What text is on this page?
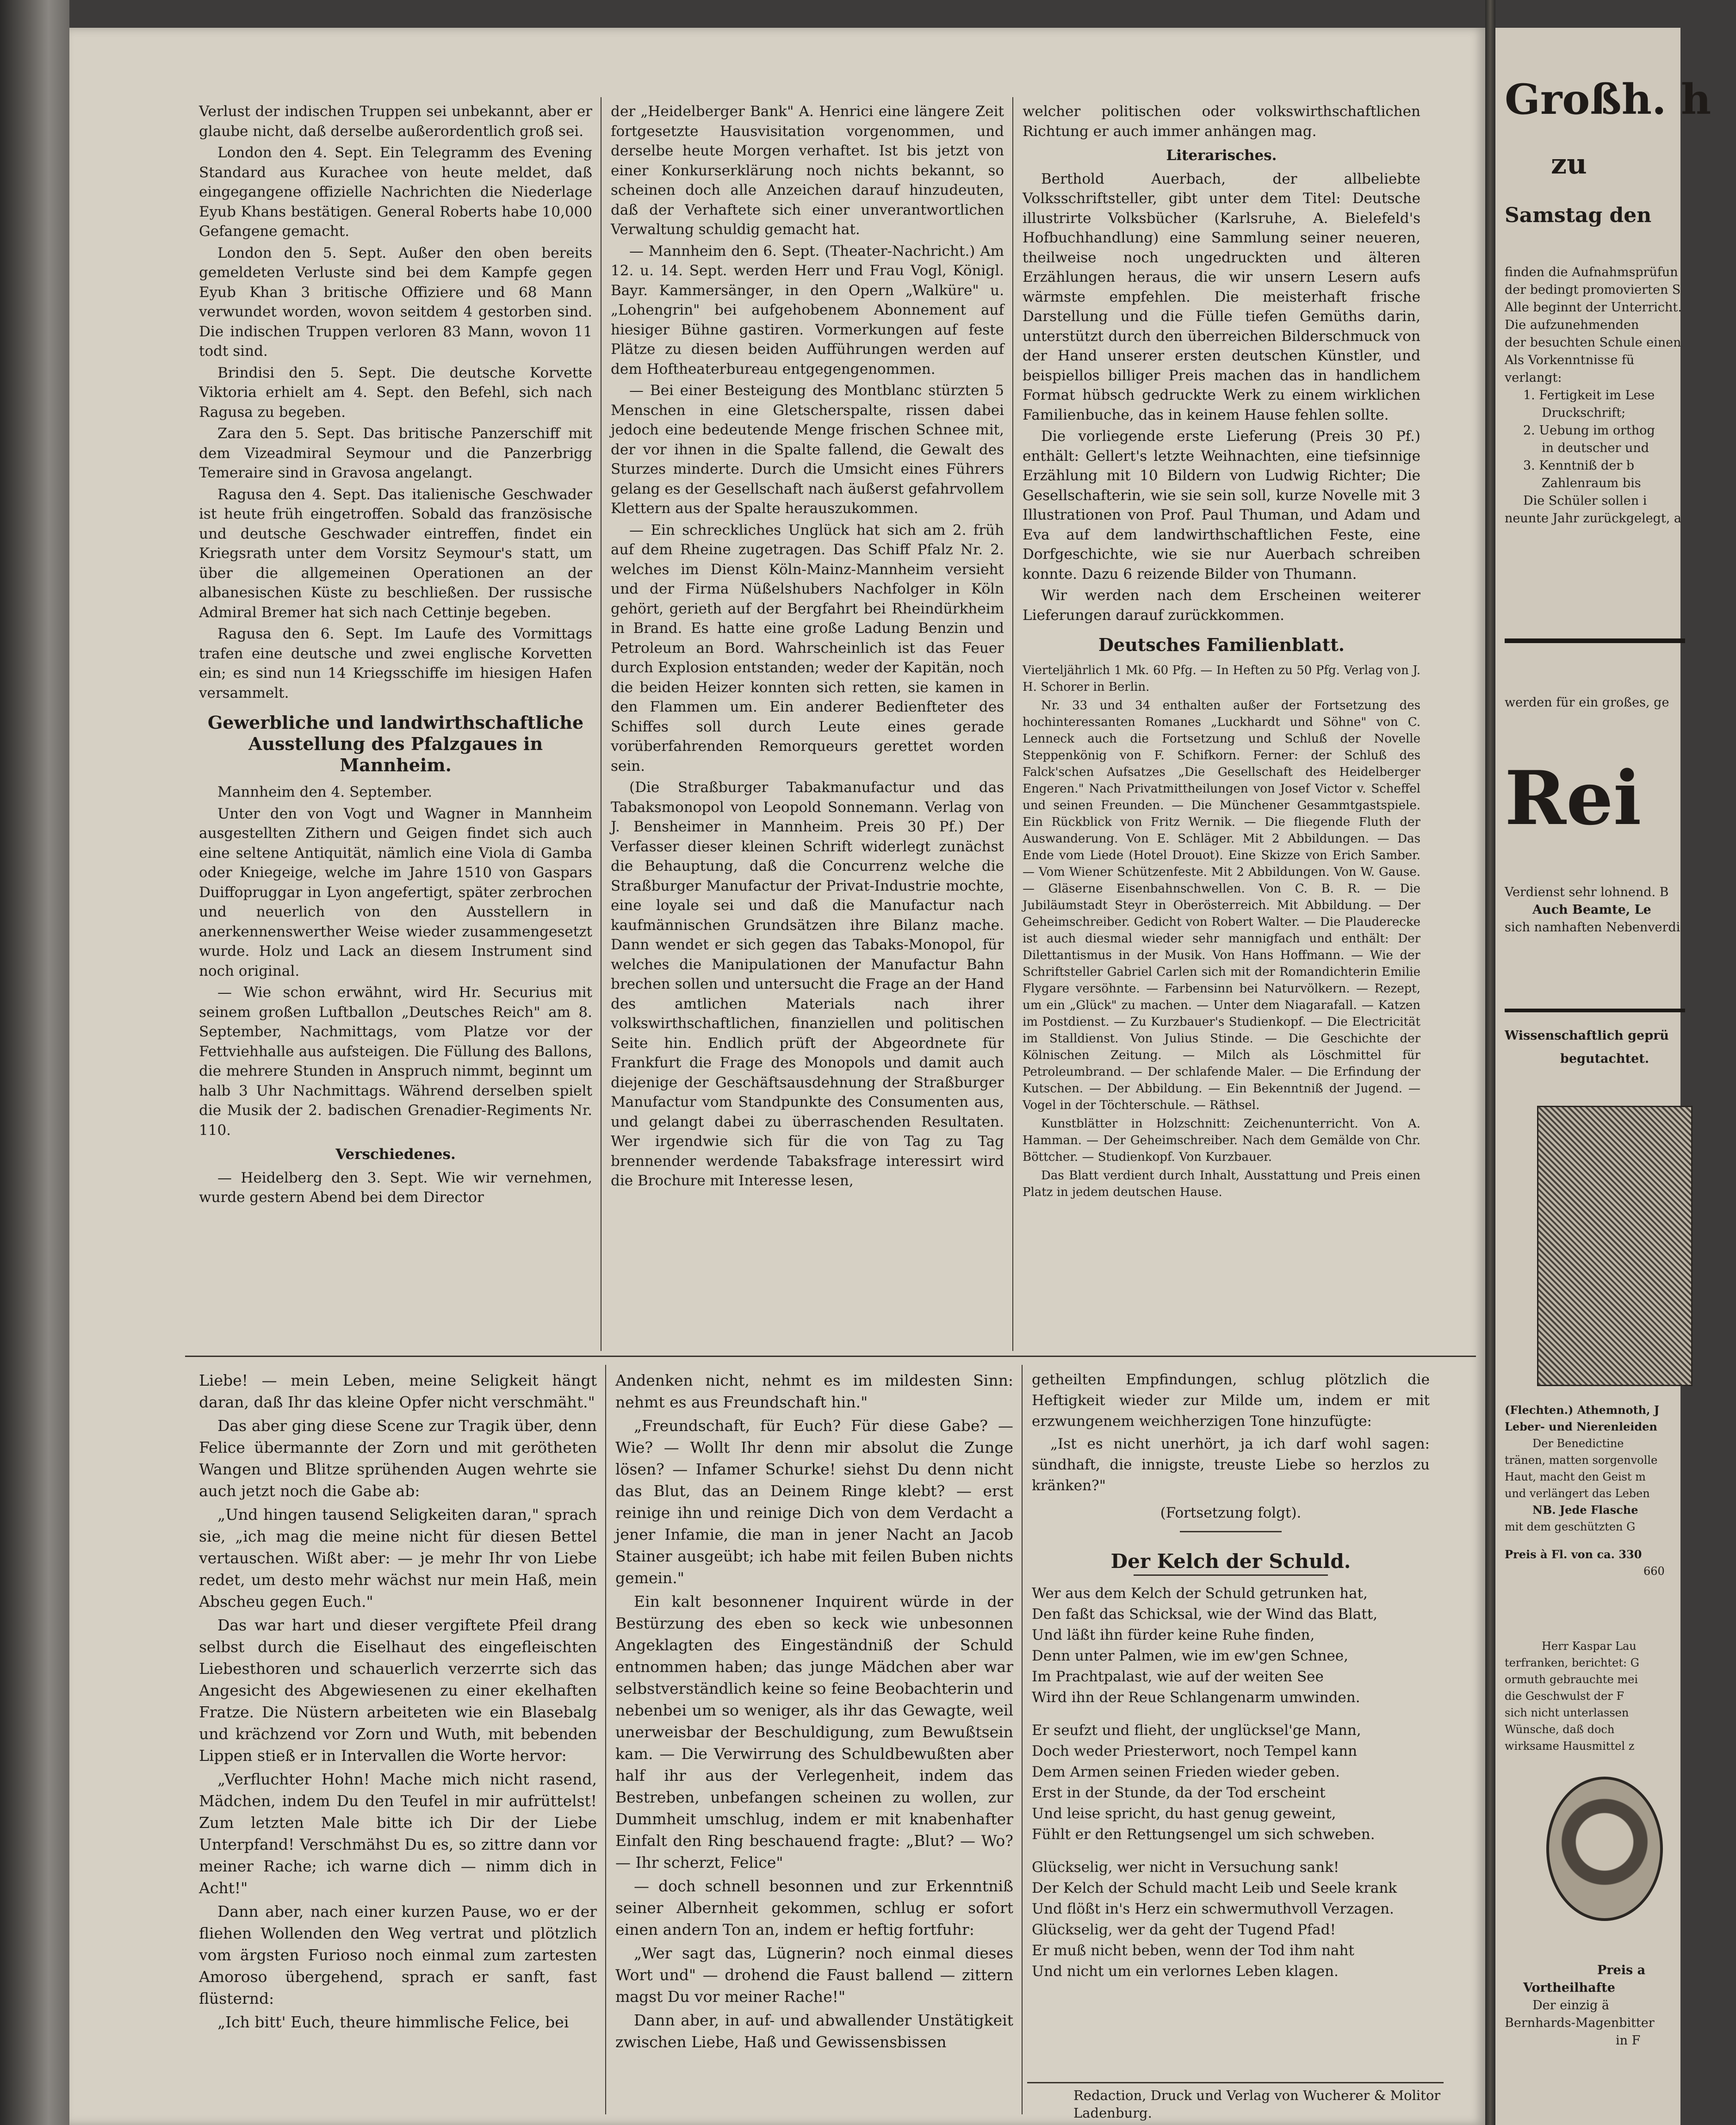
Verlust der indischen Truppen sei unbekannt, aber er glaube nicht, daß derselbe außerordentlich groß sei.

London den 4. Sept. Ein Telegramm des Evening Standard aus Kurachee von heute meldet, daß eingegangene offizielle Nachrichten die Niederlage Eyub Khans bestätigen. General Roberts habe 10,000 Gefangene gemacht.

London den 5. Sept. Außer den oben bereits gemeldeten Verluste sind bei dem Kampfe gegen Eyub Khan 3 britische Offiziere und 68 Mann verwundet worden, wovon seitdem 4 gestorben sind. Die indischen Truppen verloren 83 Mann, wovon 11 todt sind.

Brindisi den 5. Sept. Die deutsche Korvette Viktoria erhielt am 4. Sept. den Befehl, sich nach Ragusa zu begeben.

Zara den 5. Sept. Das britische Panzerschiff mit dem Vizeadmiral Seymour und die Panzerbrigg Temeraire sind in Gravosa angelangt.

Ragusa den 4. Sept. Das italienische Geschwader ist heute früh eingetroffen. Sobald das französische und deutsche Geschwader eintreffen, findet ein Kriegsrath unter dem Vorsitz Seymour's statt, um über die allgemeinen Operationen an der albanesischen Küste zu beschließen. Der russische Admiral Bremer hat sich nach Cettinje begeben.

Ragusa den 6. Sept. Im Laufe des Vormittags trafen eine deutsche und zwei englische Korvetten ein; es sind nun 14 Kriegsschiffe im hiesigen Hafen versammelt.

Gewerbliche und landwirthschaftliche Ausstellung des Pfalzgaues in Mannheim.

Mannheim den 4. September.

Unter den von Vogt und Wagner in Mannheim ausgestellten Zithern und Geigen findet sich auch eine seltene Antiquität, nämlich eine Viola di Gamba oder Kniegeige, welche im Jahre 1510 von Gaspars Duiffopruggar in Lyon angefertigt, später zerbrochen und neuerlich von den Ausstellern in anerkennenswerther Weise wieder zusammengesetzt wurde. Holz und Lack an diesem Instrument sind noch original.

— Wie schon erwähnt, wird Hr. Securius mit seinem großen Luftballon „Deutsches Reich" am 8. September, Nachmittags, vom Platze vor der Fettviehhalle aus aufsteigen. Die Füllung des Ballons, die mehrere Stunden in Anspruch nimmt, beginnt um halb 3 Uhr Nachmittags. Während derselben spielt die Musik der 2. badischen Grenadier-Regiments Nr. 110.

Verschiedenes.

— Heidelberg den 3. Sept. Wie wir vernehmen, wurde gestern Abend bei dem Director

der „Heidelberger Bank" A. Henrici eine längere Zeit fortgesetzte Hausvisitation vorgenommen, und derselbe heute Morgen verhaftet. Ist bis jetzt von einer Konkurserklärung noch nichts bekannt, so scheinen doch alle Anzeichen darauf hinzudeuten, daß der Verhaftete sich einer unverantwortlichen Verwaltung schuldig gemacht hat.

— Mannheim den 6. Sept. (Theater-Nachricht.) Am 12. u. 14. Sept. werden Herr und Frau Vogl, Königl. Bayr. Kammersänger, in den Opern „Walküre" u. „Lohengrin" bei aufgehobenem Abonnement auf hiesiger Bühne gastiren. Vormerkungen auf feste Plätze zu diesen beiden Aufführungen werden auf dem Hoftheaterbureau entgegengenommen.

— Bei einer Besteigung des Montblanc stürzten 5 Menschen in eine Gletscherspalte, rissen dabei jedoch eine bedeutende Menge frischen Schnee mit, der vor ihnen in die Spalte fallend, die Gewalt des Sturzes minderte. Durch die Umsicht eines Führers gelang es der Gesellschaft nach äußerst gefahrvollem Klettern aus der Spalte herauszukommen.

— Ein schreckliches Unglück hat sich am 2. früh auf dem Rheine zugetragen. Das Schiff Pfalz Nr. 2. welches im Dienst Köln-Mainz-Mannheim versieht und der Firma Nüßelshubers Nachfolger in Köln gehört, gerieth auf der Bergfahrt bei Rheindürkheim in Brand. Es hatte eine große Ladung Benzin und Petroleum an Bord. Wahrscheinlich ist das Feuer durch Explosion entstanden; weder der Kapitän, noch die beiden Heizer konnten sich retten, sie kamen in den Flammen um. Ein anderer Bedienfteter des Schiffes soll durch Leute eines gerade vorüberfahrenden Remorqueurs gerettet worden sein.

(Die Straßburger Tabakmanufactur und das Tabaksmonopol von Leopold Sonnemann. Verlag von J. Bensheimer in Mannheim. Preis 30 Pf.) Der Verfasser dieser kleinen Schrift widerlegt zunächst die Behauptung, daß die Concurrenz welche die Straßburger Manufactur der Privat-Industrie mochte, eine loyale sei und daß die Manufactur nach kaufmännischen Grundsätzen ihre Bilanz mache. Dann wendet er sich gegen das Tabaks-Monopol, für welches die Manipulationen der Manufactur Bahn brechen sollen und untersucht die Frage an der Hand des amtlichen Materials nach ihrer volkswirthschaftlichen, finanziellen und politischen Seite hin. Endlich prüft der Abgeordnete für Frankfurt die Frage des Monopols und damit auch diejenige der Geschäftsausdehnung der Straßburger Manufactur vom Standpunkte des Consumenten aus, und gelangt dabei zu überraschenden Resultaten. Wer irgendwie sich für die von Tag zu Tag brennender werdende Tabaksfrage interessirt wird die Brochure mit Interesse lesen,

welcher politischen oder volkswirthschaftlichen Richtung er auch immer anhängen mag.

Literarisches.

Berthold Auerbach, der allbeliebte Volksschriftsteller, gibt unter dem Titel: Deutsche illustrirte Volksbücher (Karlsruhe, A. Bielefeld's Hofbuchhandlung) eine Sammlung seiner neueren, theilweise noch ungedruckten und älteren Erzählungen heraus, die wir unsern Lesern aufs wärmste empfehlen. Die meisterhaft frische Darstellung und die Fülle tiefen Gemüths darin, unterstützt durch den überreichen Bilderschmuck von der Hand unserer ersten deutschen Künstler, und beispiellos billiger Preis machen das in handlichem Format hübsch gedruckte Werk zu einem wirklichen Familienbuche, das in keinem Hause fehlen sollte.

Die vorliegende erste Lieferung (Preis 30 Pf.) enthält: Gellert's letzte Weihnachten, eine tiefsinnige Erzählung mit 10 Bildern von Ludwig Richter; Die Gesellschafterin, wie sie sein soll, kurze Novelle mit 3 Illustrationen von Prof. Paul Thuman, und Adam und Eva auf dem landwirthschaftlichen Feste, eine Dorfgeschichte, wie sie nur Auerbach schreiben konnte. Dazu 6 reizende Bilder von Thumann.

Wir werden nach dem Erscheinen weiterer Lieferungen darauf zurückkommen.

Deutsches Familienblatt.

Vierteljährlich 1 Mk. 60 Pfg. — In Heften zu 50 Pfg. Verlag von J. H. Schorer in Berlin.

Nr. 33 und 34 enthalten außer der Fortsetzung des hochinteressanten Romanes „Luckhardt und Söhne" von C. Lenneck auch die Fortsetzung und Schluß der Novelle Steppenkönig von F. Schifkorn. Ferner: der Schluß des Falck'schen Aufsatzes „Die Gesellschaft des Heidelberger Engeren." Nach Privatmittheilungen von Josef Victor v. Scheffel und seinen Freunden. — Die Münchener Gesammtgastspiele. Ein Rückblick von Fritz Wernik. — Die fliegende Fluth der Auswanderung. Von E. Schläger. Mit 2 Abbildungen. — Das Ende vom Liede (Hotel Drouot). Eine Skizze von Erich Samber. — Vom Wiener Schützenfeste. Mit 2 Abbildungen. Von W. Gause. — Gläserne Eisenbahnschwellen. Von C. B. R. — Die Jubiläumstadt Steyr in Oberösterreich. Mit Abbildung. — Der Geheimschreiber. Gedicht von Robert Walter. — Die Plauderecke ist auch diesmal wieder sehr mannigfach und enthält: Der Dilettantismus in der Musik. Von Hans Hoffmann. — Wie der Schriftsteller Gabriel Carlen sich mit der Romandichterin Emilie Flygare versöhnte. — Farbensinn bei Naturvölkern. — Rezept, um ein „Glück" zu machen. — Unter dem Niagarafall. — Katzen im Postdienst. — Zu Kurzbauer's Studienkopf. — Die Electricität im Stalldienst. Von Julius Stinde. — Die Geschichte der Kölnischen Zeitung. — Milch als Löschmittel für Petroleumbrand. — Der schlafende Maler. — Die Erfindung der Kutschen. — Der Abbildung. — Ein Bekenntniß der Jugend. — Vogel in der Töchterschule. — Räthsel.

Kunstblätter in Holzschnitt: Zeichenunterricht. Von A. Hamman. — Der Geheimschreiber. Nach dem Gemälde von Chr. Böttcher. — Studienkopf. Von Kurzbauer.

Das Blatt verdient durch Inhalt, Ausstattung und Preis einen Platz in jedem deutschen Hause.

Liebe! — mein Leben, meine Seligkeit hängt daran, daß Ihr das kleine Opfer nicht verschmäht."

Das aber ging diese Scene zur Tragik über, denn Felice übermannte der Zorn und mit gerötheten Wangen und Blitze sprühenden Augen wehrte sie auch jetzt noch die Gabe ab:

„Und hingen tausend Seligkeiten daran," sprach sie, „ich mag die meine nicht für diesen Bettel vertauschen. Wißt aber: — je mehr Ihr von Liebe redet, um desto mehr wächst nur mein Haß, mein Abscheu gegen Euch."

Das war hart und dieser vergiftete Pfeil drang selbst durch die Eiselhaut des eingefleischten Liebesthoren und schauerlich verzerrte sich das Angesicht des Abgewiesenen zu einer ekelhaften Fratze. Die Nüstern arbeiteten wie ein Blasebalg und krächzend vor Zorn und Wuth, mit bebenden Lippen stieß er in Intervallen die Worte hervor:

„Verfluchter Hohn! Mache mich nicht rasend, Mädchen, indem Du den Teufel in mir aufrüttelst! Zum letzten Male bitte ich Dir der Liebe Unterpfand! Verschmähst Du es, so zittre dann vor meiner Rache; ich warne dich — nimm dich in Acht!"

Dann aber, nach einer kurzen Pause, wo er der fliehen Wollenden den Weg vertrat und plötzlich vom ärgsten Furioso noch einmal zum zartesten Amoroso übergehend, sprach er sanft, fast flüsternd:

„Ich bitt' Euch, theure himmlische Felice, bei

Andenken nicht, nehmt es im mildesten Sinn: nehmt es aus Freundschaft hin."

„Freundschaft, für Euch? Für diese Gabe? — Wie? — Wollt Ihr denn mir absolut die Zunge lösen? — Infamer Schurke! siehst Du denn nicht das Blut, das an Deinem Ringe klebt? — erst reinige ihn und reinige Dich von dem Verdacht a jener Infamie, die man in jener Nacht an Jacob Stainer ausgeübt; ich habe mit feilen Buben nichts gemein."

Ein kalt besonnener Inquirent würde in der Bestürzung des eben so keck wie unbesonnen Angeklagten des Eingeständniß der Schuld entnommen haben; das junge Mädchen aber war selbstverständlich keine so feine Beobachterin und nebenbei um so weniger, als ihr das Gewagte, weil unerweisbar der Beschuldigung, zum Bewußtsein kam. — Die Verwirrung des Schuldbewußten aber half ihr aus der Verlegenheit, indem das Bestreben, unbefangen scheinen zu wollen, zur Dummheit umschlug, indem er mit knabenhafter Einfalt den Ring beschauend fragte: „Blut? — Wo? — Ihr scherzt, Felice"

— doch schnell besonnen und zur Erkenntniß seiner Albernheit gekommen, schlug er sofort einen andern Ton an, indem er heftig fortfuhr:

„Wer sagt das, Lügnerin? noch einmal dieses Wort und" — drohend die Faust ballend — zittern magst Du vor meiner Rache!"

Dann aber, in auf- und abwallender Unstätigkeit zwischen Liebe, Haß und Gewissensbissen

getheilten Empfindungen, schlug plötzlich die Heftigkeit wieder zur Milde um, indem er mit erzwungenem weichherzigen Tone hinzufügte:

„Ist es nicht unerhört, ja ich darf wohl sagen: sündhaft, die innigste, treuste Liebe so herzlos zu kränken?"

(Fortsetzung folgt).

Der Kelch der Schuld.

Wer aus dem Kelch der Schuld getrunken hat,

Den faßt das Schicksal, wie der Wind das Blatt,

Und läßt ihn fürder keine Ruhe finden,

Denn unter Palmen, wie im ew'gen Schnee,

Im Prachtpalast, wie auf der weiten See

Wird ihn der Reue Schlangenarm umwinden.

Er seufzt und flieht, der unglücksel'ge Mann,

Doch weder Priesterwort, noch Tempel kann

Dem Armen seinen Frieden wieder geben.

Erst in der Stunde, da der Tod erscheint

Und leise spricht, du hast genug geweint,

Fühlt er den Rettungsengel um sich schweben.

Glückselig, wer nicht in Versuchung sank!

Der Kelch der Schuld macht Leib und Seele krank

Und flößt in's Herz ein schwermuthvoll Verzagen.

Glückselig, wer da geht der Tugend Pfad!

Er muß nicht beben, wenn der Tod ihm naht

Und nicht um ein verlornes Leben klagen.

Redaction, Druck und Verlag von Wucherer & Molitor Ladenburg.
Großh. h
zu
Samstag den
finden die Aufnahmsprüfun
der bedingt promovierten S
Alle beginnt der Unterricht.
Die aufzunehmenden
der besuchten Schule einen
Als Vorkenntnisse fü
verlangt:
1. Fertigkeit im Lese
Druckschrift;
2. Uebung im orthog
in deutscher und
3. Kenntniß der b
Zahlenraum bis
Die Schüler sollen i
neunte Jahr zurückgelegt, a
werden für ein großes, ge
Rei
Verdienst sehr lohnend. B
Auch Beamte, Le
sich namhaften Nebenverdi
Wissenschaftlich geprü
begutachtet.
(Flechten.) Athemnoth, J
Leber- und Nierenleiden
Der Benedictine
tränen, matten sorgenvolle
Haut, macht den Geist m
und verlängert das Leben
NB. Jede Flasche
mit dem geschützten G
Preis à Fl. von ca. 330
660
Herr Kaspar Lau
terfranken, berichtet: G
ormuth gebrauchte mei
die Geschwulst der F
sich nicht unterlassen
Wünsche, daß doch
wirksame Hausmittel z
Preis a
Vortheilhafte
Der einzig ä
Bernhards-Magenbitter
in F
